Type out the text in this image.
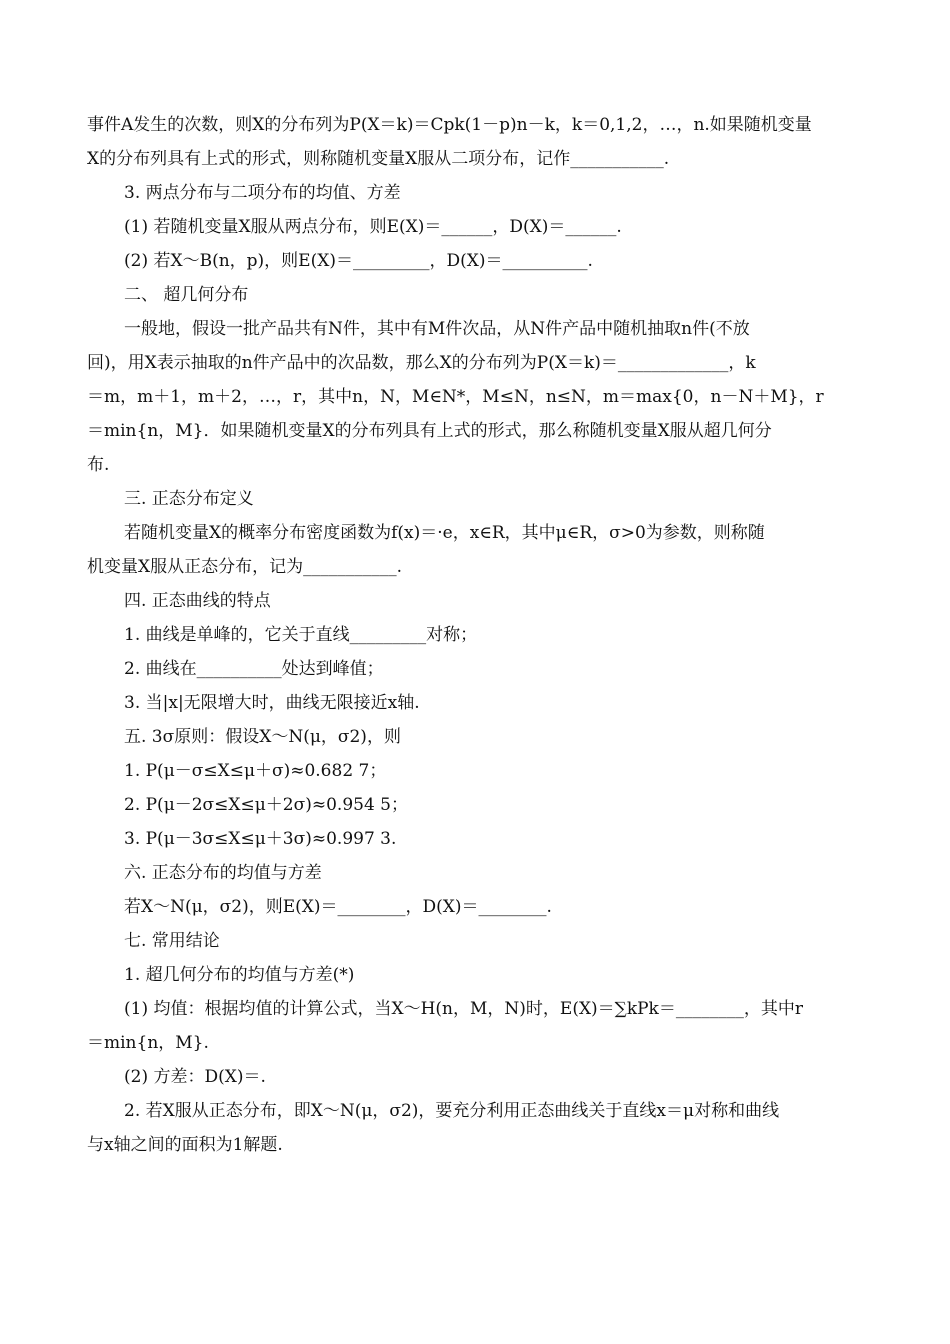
事件A发生的次数，则X的分布列为P(X＝k)＝Cpk(1－p)n－k，k＝0,1,2，…，n.如果随机变量
X的分布列具有上式的形式，则称随机变量X服从二项分布，记作___________.
3. 两点分布与二项分布的均值、方差
(1) 若随机变量X服从两点分布，则E(X)＝______，D(X)＝______.
(2) 若X～B(n，p)，则E(X)＝_________，D(X)＝__________.
二、 超几何分布
一般地，假设一批产品共有N件，其中有M件次品，从N件产品中随机抽取n件(不放
回)，用X表示抽取的n件产品中的次品数，那么X的分布列为P(X＝k)＝_____________，k
＝m，m＋1，m＋2，…，r，其中n，N，M∈N*，M≤N，n≤N，m＝max{0，n－N＋M}，r
＝min{n，M}．如果随机变量X的分布列具有上式的形式，那么称随机变量X服从超几何分
布.
三. 正态分布定义
若随机变量X的概率分布密度函数为f(x)＝·e，x∈R，其中μ∈R，σ>0为参数，则称随
机变量X服从正态分布，记为___________.
四. 正态曲线的特点
1. 曲线是单峰的，它关于直线_________对称；
2. 曲线在__________处达到峰值；
3. 当|x|无限增大时，曲线无限接近x轴.
五. 3σ原则：假设X～N(μ，σ2)，则
1. P(μ－σ≤X≤μ＋σ)≈0.682 7；
2. P(μ－2σ≤X≤μ＋2σ)≈0.954 5；
3. P(μ－3σ≤X≤μ＋3σ)≈0.997 3.
六. 正态分布的均值与方差
若X～N(μ，σ2)，则E(X)＝________，D(X)＝________.
七. 常用结论
1. 超几何分布的均值与方差(*)
(1) 均值：根据均值的计算公式，当X～H(n，M，N)时，E(X)＝∑kPk＝________，其中r
＝min{n，M}.
(2) 方差：D(X)＝.
2. 若X服从正态分布，即X～N(μ，σ2)，要充分利用正态曲线关于直线x＝μ对称和曲线
与x轴之间的面积为1解题.
